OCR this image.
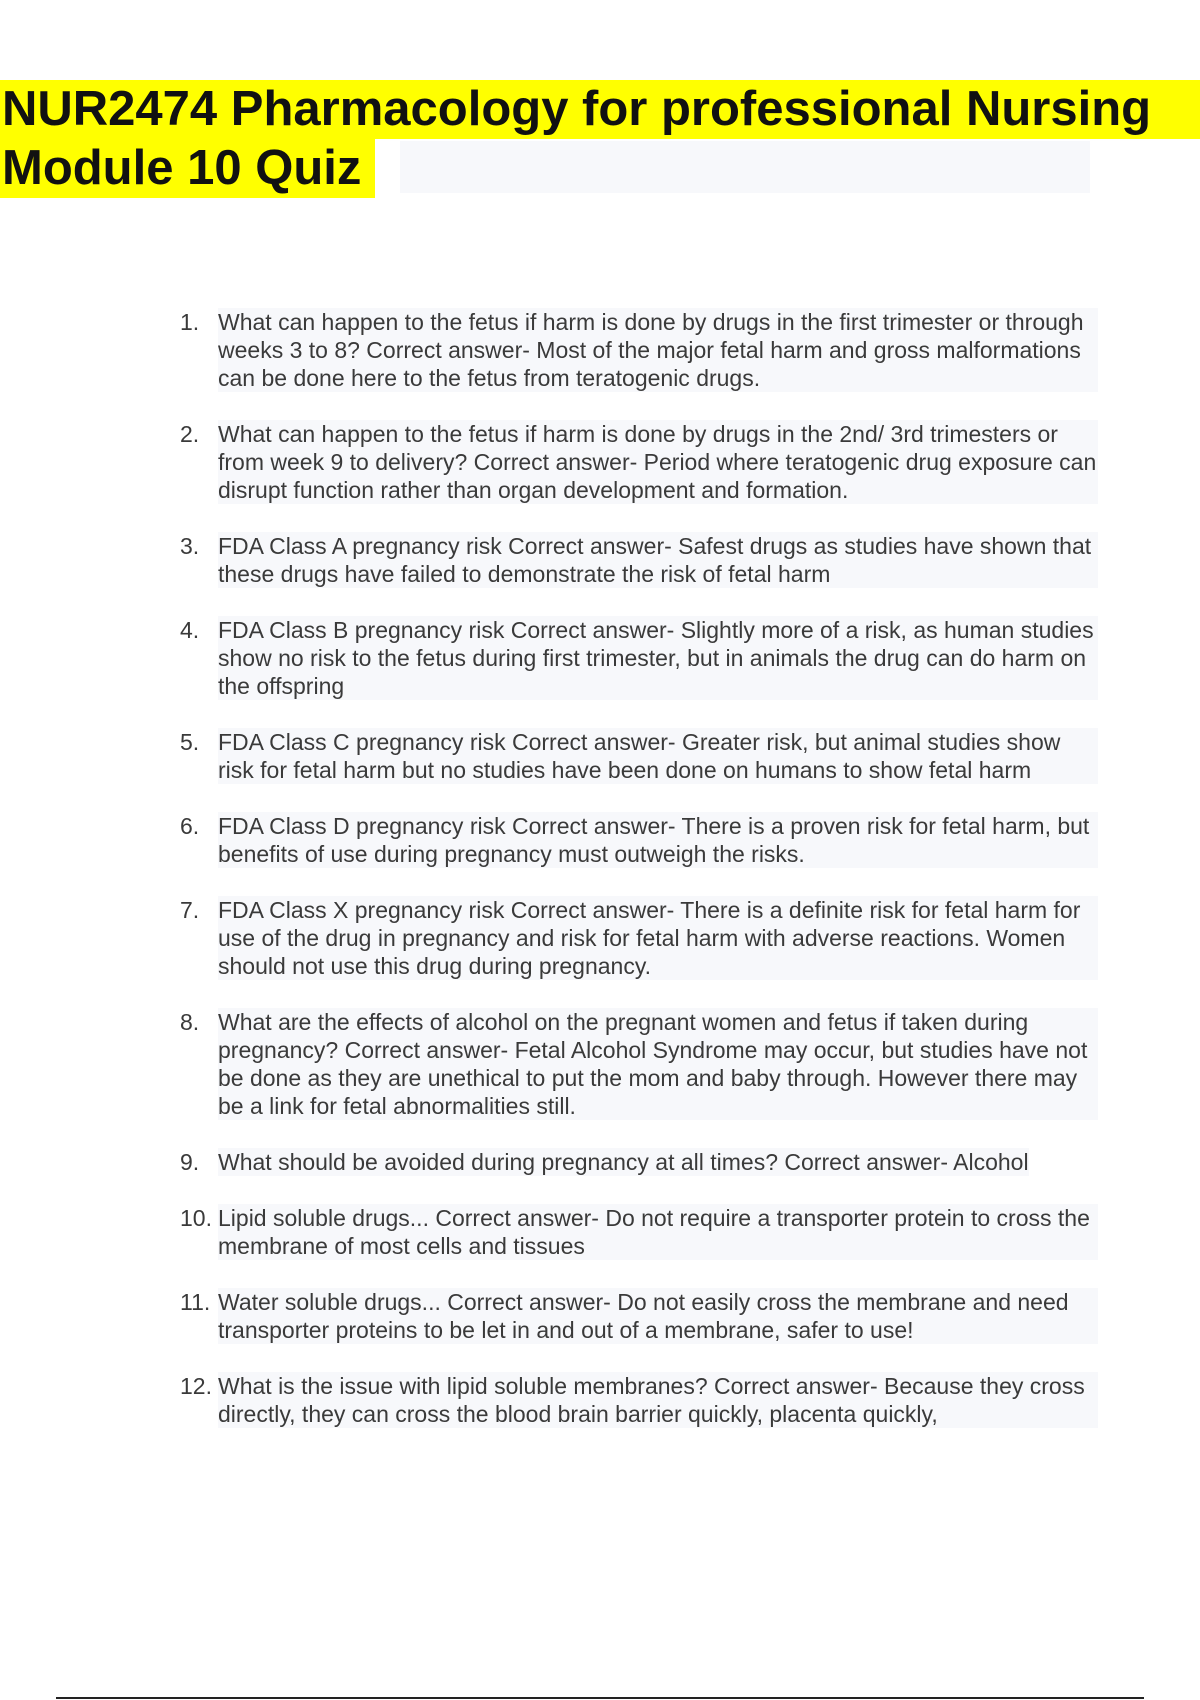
NUR2474 Pharmacology for professional Nursing
Module 10 Quiz
1. What can happen to the fetus if harm is done by drugs in the first trimester or through weeks 3 to 8? Correct answer- Most of the major fetal harm and gross malformations can be done here to the fetus from teratogenic drugs.
2. What can happen to the fetus if harm is done by drugs in the 2nd/ 3rd trimesters or from week 9 to delivery? Correct answer- Period where teratogenic drug exposure can disrupt function rather than organ development and formation.
3. FDA Class A pregnancy risk Correct answer- Safest drugs as studies have shown that these drugs have failed to demonstrate the risk of fetal harm
4. FDA Class B pregnancy risk Correct answer- Slightly more of a risk, as human studies show no risk to the fetus during first trimester, but in animals the drug can do harm on the offspring
5. FDA Class C pregnancy risk Correct answer- Greater risk, but animal studies show risk for fetal harm but no studies have been done on humans to show fetal harm
6. FDA Class D pregnancy risk Correct answer- There is a proven risk for fetal harm, but benefits of use during pregnancy must outweigh the risks.
7. FDA Class X pregnancy risk Correct answer- There is a definite risk for fetal harm for use of the drug in pregnancy and risk for fetal harm with adverse reactions. Women should not use this drug during pregnancy.
8. What are the effects of alcohol on the pregnant women and fetus if taken during pregnancy? Correct answer- Fetal Alcohol Syndrome may occur, but studies have not be done as they are unethical to put the mom and baby through. However there may be a link for fetal abnormalities still.
9. What should be avoided during pregnancy at all times? Correct answer- Alcohol
10. Lipid soluble drugs... Correct answer- Do not require a transporter protein to cross the membrane of most cells and tissues
11. Water soluble drugs... Correct answer- Do not easily cross the membrane and need transporter proteins to be let in and out of a membrane, safer to use!
12. What is the issue with lipid soluble membranes? Correct answer- Because they cross directly, they can cross the blood brain barrier quickly, placenta quickly,
